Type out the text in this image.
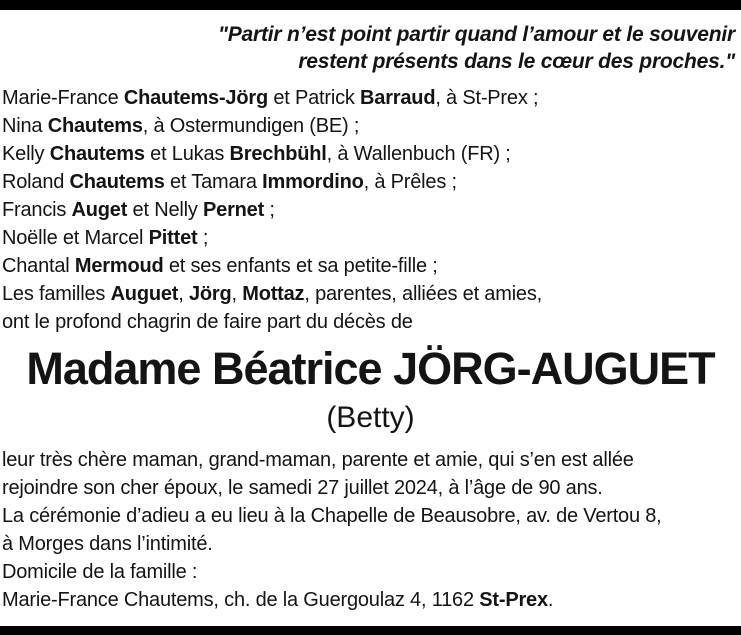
"Partir n’est point partir quand l’amour et le souvenir
restent présents dans le cœur des proches."
Marie-France Chautems-Jörg et Patrick Barraud, à St-Prex ;
Nina Chautems, à Ostermundigen (BE) ;
Kelly Chautems et Lukas Brechbühl, à Wallenbuch (FR) ;
Roland Chautems et Tamara Immordino, à Prêles ;
Francis Auget et Nelly Pernet ;
Noëlle et Marcel Pittet ;
Chantal Mermoud et ses enfants et sa petite-fille ;
Les familles Auguet, Jörg, Mottaz, parentes, alliées et amies,
ont le profond chagrin de faire part du décès de
Madame Béatrice JÖRG-AUGUET
(Betty)
leur très chère maman, grand-maman, parente et amie, qui s’en est allée
rejoindre son cher époux, le samedi 27 juillet 2024, à l’âge de 90 ans.
La cérémonie d’adieu a eu lieu à la Chapelle de Beausobre, av. de Vertou 8,
à Morges dans l’intimité.
Domicile de la famille :
Marie-France Chautems, ch. de la Guergoulaz 4, 1162 St-Prex.
